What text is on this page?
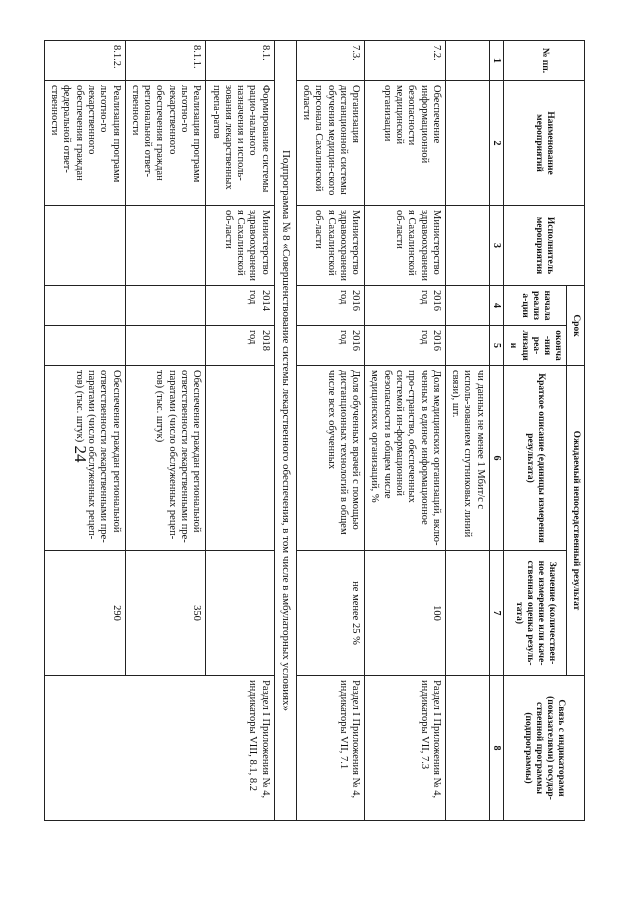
24
№ пп.	Наименование мероприятий	Исполнитель мероприятия	Срок		Ожидаемый непосредственный результат		Связь с индикаторами (показателями) государ-ственной программы (подпрограммы)
			начала реализа-ции	оконча-ния реа-лизации	Краткое описание (единицы измерения результата)	Значение (количествен-ное измерение или каче-ственная оценка резуль-тата)	

1	2	3	4	5	6	7	8
					чи данных не менее 1 Мбит/с с исполь-зованием спутниковых линий связи), шт.		
7.2.	Обеспечение информационной безопасности медицинской организации	Министерство здравоохранения Сахалинской об-ласти	2016 год	2016 год	Доля медицинских организаций, вклю-ченных в единое информационное про-странство, обеспеченных системой ин-формационной безопасности в общем числе медицинских организаций, %	100	Раздел I Приложения № 4, индикаторы VII, 7.3
7.3.	Организация дистанционной системы обучения медицин-ского персонала Сахалинской области	Министерство здравоохранения Сахалинской об-ласти	2016 год	2016 год	Доля обученных врачей с помощью дистанционных технологий в общем числе всех обученных	не менее 25 %	Раздел I Приложения № 4, индикаторы VII, 7.1
Подпрограмма № 8 «Совершенствование системы лекарственного обеспечения, в том числе в амбулаторных условиях»							
8.1.	Формирование системы рацио-нального назначения и исполь-зования лекарственных препа-ратов	Министерство здравоохранения Сахалинской об-ласти	2014 год	2018 год			Раздел I Приложения № 4, индикаторы VIII, 8.1, 8.2
8.1.1.	Реализация программ льготно-го лекарственного обеспечения граждан региональной ответ-ственности				Обеспечение граждан региональной ответственности лекарственными пре-паратами (число обслуженных рецеп-тов) (тыс. штук)	350	
8.1.2.	Реализация программ льготно-го лекарственного обеспечения граждан федеральной ответ-ственности				Обеспечение граждан региональной ответственности лекарственными пре-паратами (число обслуженных рецеп-тов) (тыс. штук)	290	
